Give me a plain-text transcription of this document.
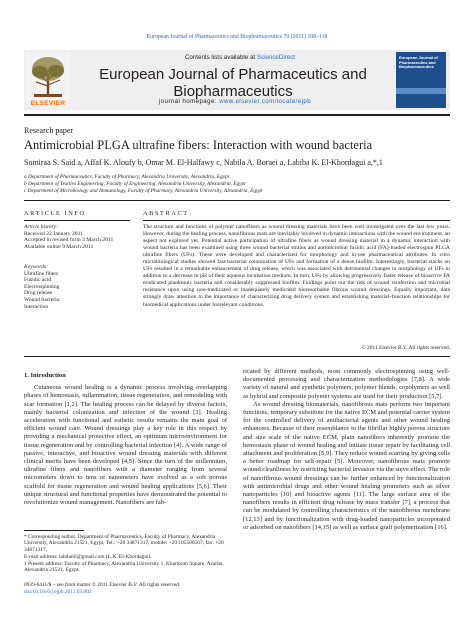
European Journal of Pharmaceutics and Biopharmaceutics 79 (2011) 108–118
ELSEVIER
Contents lists available at ScienceDirect
European Journal of Pharmaceutics and Biopharmaceutics
journal homepage: www.elsevier.com/locate/ejpb
European Journal of Pharmaceutics and Biopharmaceutics
Research paper
Antimicrobial PLGA ultrafine fibers: Interaction with wound bacteria
Somiraa S. Said a, Affaf K. Aloufy b, Omar M. El-Halfawy c, Nabila A. Boraei a, Labiba K. El-Khordagui a,*,1
a Department of Pharmaceutics, Faculty of Pharmacy, Alexandria University, Alexandria, Egypt
b Department of Textiles Engineering, Faculty of Engineering, Alexandria University, Alexandria, Egypt
c Department of Microbiology and Immunology, Faculty of Pharmacy, Alexandria University, Alexandria, Egypt
ARTICLE INFO
Article history:
Received 22 January 2011
Accepted in revised form 3 March 2011
Available online 9 March 2011
Keywords:
Ultrafine fibers
Fusidic acid
Electrospinning
Drug release
Wound bacteria
Interaction
ABSTRACT
The structure and functions of polymer nanofibers as wound dressing materials have been well investigated over the last few years. However, during the healing process, nanofibrous mats are inevitably involved in dynamic interactions with the wound environment, an aspect not explored yet. Potential active participation of ultrafine fibers as wound dressing material in a dynamic interaction with wound bacteria has been examined using three wound bacterial strains and antimicrobial fusidic acid (FA)-loaded electrospun PLGA ultrafine fibers (UFs). These were developed and characterized for morphology and in-use pharmaceutical attributes. In vitro microbiological studies showed fast bacterial colonization of UFs and formation of a dense biofilm. Interestingly, bacterial stacks on UFs resulted in a remarkable enhancement of drug release, which was associated with detrimental changes in morphology of UFs in addition to a decrease in pH of their aqueous incubation medium. In turn, UFs by allowing progressively faster release of bioactive FA eradicated planktonic bacteria and considerably suppressed biofilm. Findings point out the risk of wound reinfection and microbial resistance upon using non-medicated or inadequately medicated bioresorbable fibrous wound dressings. Equally important, data strongly draw attention to the importance of characterizing drug delivery system and establishing material–function relationships for biomedical applications under bioreleyant conditions.
© 2011 Elsevier B.V. All rights reserved.
1. Introduction
Cutaneous wound healing is a dynamic process involving overlapping phases of hemostasis, inflammation, tissue regeneration, and remodeling with scar formation [1,2]. The healing process can be delayed by diverse factors, mainly bacterial colonization and infection of the wound [3]. Healing acceleration with functional and esthetic results remains the main goal of efficient wound care. Wound dressings play a key role in this respect by providing a mechanical protective effect, an optimum microenvironment for tissue regeneration and by controlling bacterial infection [4]. A wide range of passive, interactive, and bioactive wound dressing materials with different clinical merits have been developed [4,5]. Since the turn of the millennium, ultrafine fibers and nanofibers with a diameter ranging from several micrometers down to tens of nanometers have evolved as a soft porous scaffold for tissue regeneration and wound healing applications [5,6]. Their unique structural and functional properties have demonstrated the potential to revolutionize wound management. Nanofibers are fab-
ricated by different methods, most commonly electrospinning using well-documented processing and characterization methodologies [7,8]. A wide variety of natural and synthetic polymers, polymer blends, copolymers as well as hybrid and composite polymer systems are used for their production [5,7].
As wound dressing biomaterials, nanofibrous mats perform two important functions, temporary substitute for the native ECM and potential carrier system for the controlled delivery of antibacterial agents and other wound healing enhancers. Because of their resemblance to the fibrillar highly porous structure and size scale of the native ECM, plain nanofibers inherently promote the hemostasis phase of wound healing and initiate tissue repair by facilitating cell attachment and proliferation [5,9]. They reduce wound scarring by giving cells a better roadmap for self-repair [5]. Moreover, nanofibrous mats promote wound cleanliness by restricting bacterial invasion via the sieve effect. The role of nanofibrous wound dressings can be further enhanced by functionalization with antimicrobial drugs and other wound healing promoters such as silver nanoparticles [10] and bioactive agents [11]. The large surface area of the nanofibers results in efficient drug release by mass transfer [7], a process that can be modulated by controlling characteristics of the nanofibrous membrane [12,13] and by functionalization with drug-loaded nanoparticles incorporated or adsorbed on nanofibers [14,15] as well as surface graft polymerization [16].
* Corresponding author. Department of Pharmaceutics, Faculty of Pharmacy, Alexandria University, Alexandria 21521, Egypt. Tel.: +20 34871317, mobile: +20 105500567; fax: +20 34871317.
E-mail address: labihalil@gmail.com (L.K. El-Khordagui).
1 Present address: Faculty of Pharmacy, Alexandria University 1, Khartoum Square, Azarita, Alexandria 21521, Egypt.
0939-6411/$ – see front matter © 2011 Elsevier B.V. All rights reserved.
doi:10.1016/j.ejpb.2011.03.002
